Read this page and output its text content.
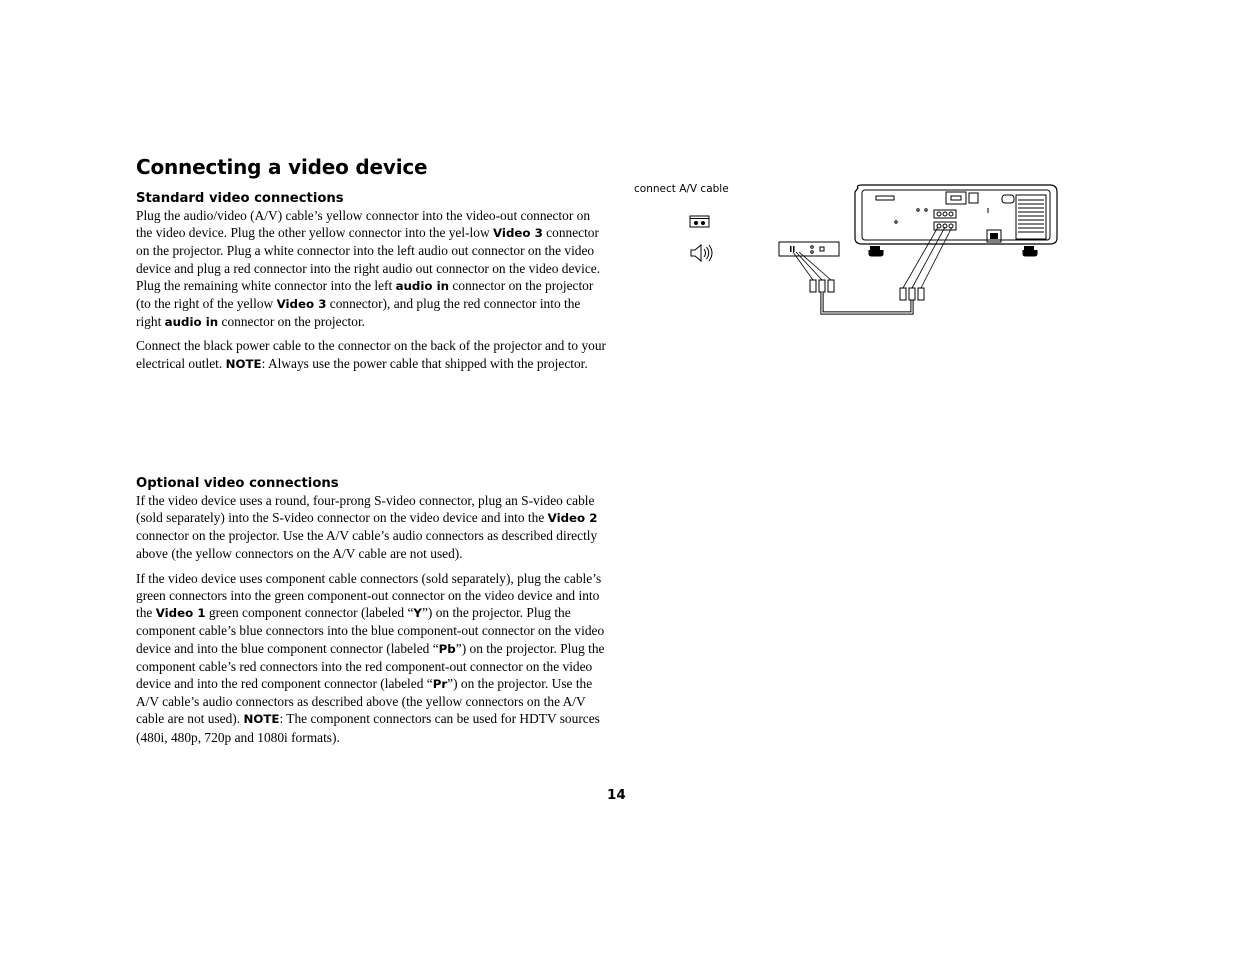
Connecting a video device
Standard video connections

Plug the audio/video (A/V) cable’s yellow connector into the video-out connector on the video device. Plug the other yellow connector into the yel-low Video 3 connector on the projector. Plug a white connector into the left audio out connector on the video device and plug a red connector into the right audio out connector on the video device. Plug the remaining white connector into the left audio in connector on the projector (to the right of the yellow Video 3 connector), and plug the red connector into the right audio in connector on the projector.

Connect the black power cable to the connector on the back of the projector and to your electrical outlet. NOTE: Always use the power cable that shipped with the projector.

Optional video connections

If the video device uses a round, four-prong S-video connector, plug an S-video cable (sold separately) into the S-video connector on the video device and into the Video 2 connector on the projector. Use the A/V cable’s audio connectors as described directly above (the yellow connectors on the A/V cable are not used).

If the video device uses component cable connectors (sold separately), plug the cable’s green connectors into the green component-out connector on the video device and into the Video 1 green component connector (labeled “Y”) on the projector. Plug the component cable’s blue connectors into the blue component-out connector on the video device and into the blue component connector (labeled “Pb”) on the projector. Plug the component cable’s red connectors into the red component-out connector on the video device and into the red component connector (labeled “Pr”) on the projector. Use the A/V cable’s audio connectors as described above (the yellow connectors on the A/V cable are not used). NOTE: The component connectors can be used for HDTV sources (480i, 480p, 720p and 1080i formats).

connect A/V cable
14
